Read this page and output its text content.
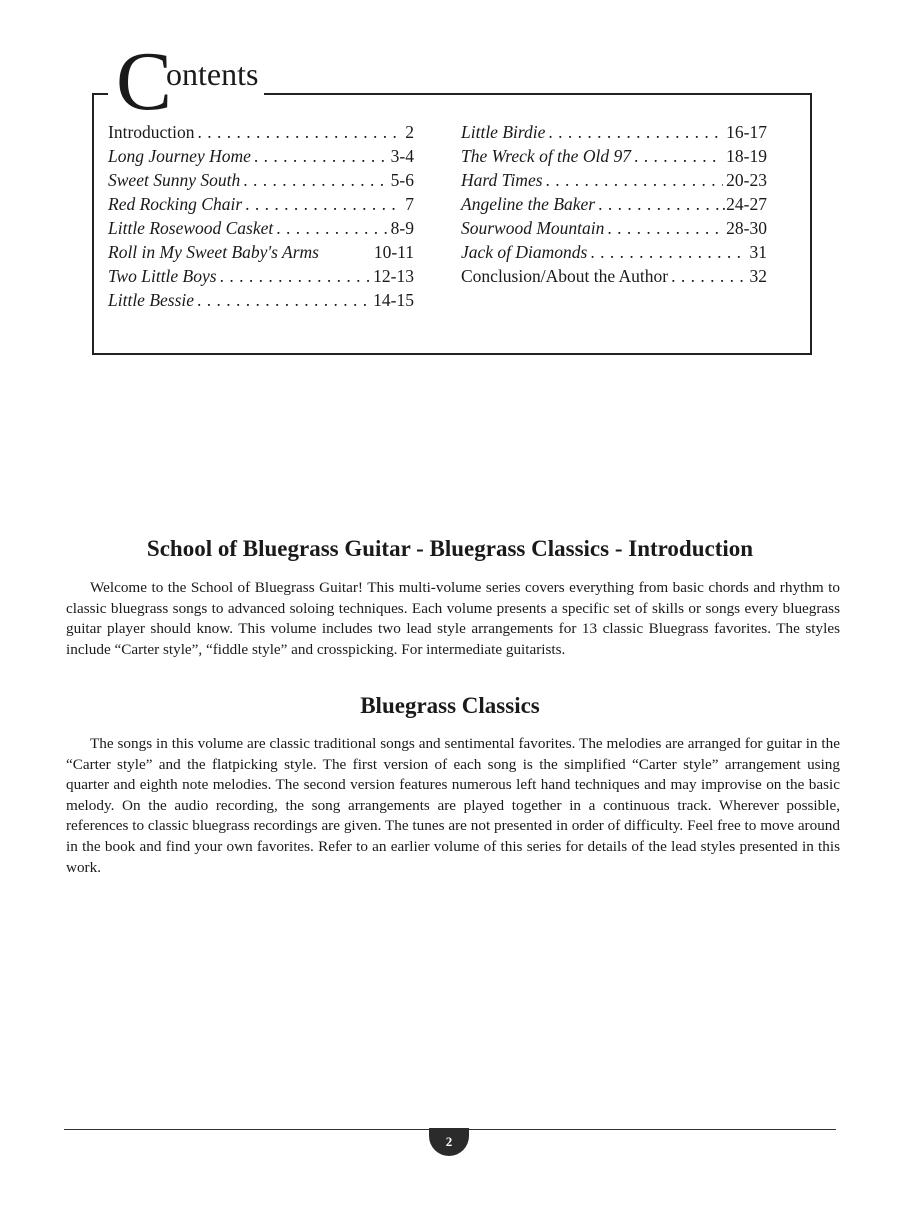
C
ontents
Introduction . . .	2
Long Journey Home . . .	3-4
Sweet Sunny South . . .	5-6
Red Rocking Chair . . .	7
Little Rosewood Casket . . .	8-9
Roll in My Sweet Baby's Arms	10-11
Two Little Boys . . .	12-13
Little Bessie . . .	14-15
Little Birdie . . .	16-17
The Wreck of the Old 97 . . .	18-19
Hard Times . . .	20-23
Angeline the Baker . . .	.24-27
Sourwood Mountain . . .	28-30
Jack of Diamonds . . .	31
Conclusion/About the Author . . .	32
School of Bluegrass Guitar - Bluegrass Classics - Introduction

Welcome to the School of Bluegrass Guitar! This multi-volume series covers everything from basic chords and rhythm to classic bluegrass songs to advanced soloing techniques. Each volume presents a specific set of skills or songs every bluegrass guitar player should know. This volume includes two lead style arrangements for 13 classic Bluegrass favorites. The styles include “Carter style”, “fiddle style” and crosspicking. For intermediate guitarists.

Bluegrass Classics

The songs in this volume are classic traditional songs and sentimental favorites. The melodies are arranged for guitar in the “Carter style” and the flatpicking style. The first version of each song is the simplified “Carter style” arrangement using quarter and eighth note melodies. The second version features numerous left hand techniques and may improvise on the basic melody. On the audio recording, the song arrangements are played together in a continuous track. Wherever possible, references to classic bluegrass recordings are given. The tunes are not presented in order of difficulty. Feel free to move around in the book and find your own favorites. Refer to an earlier volume of this series for details of the lead styles presented in this work.

2
